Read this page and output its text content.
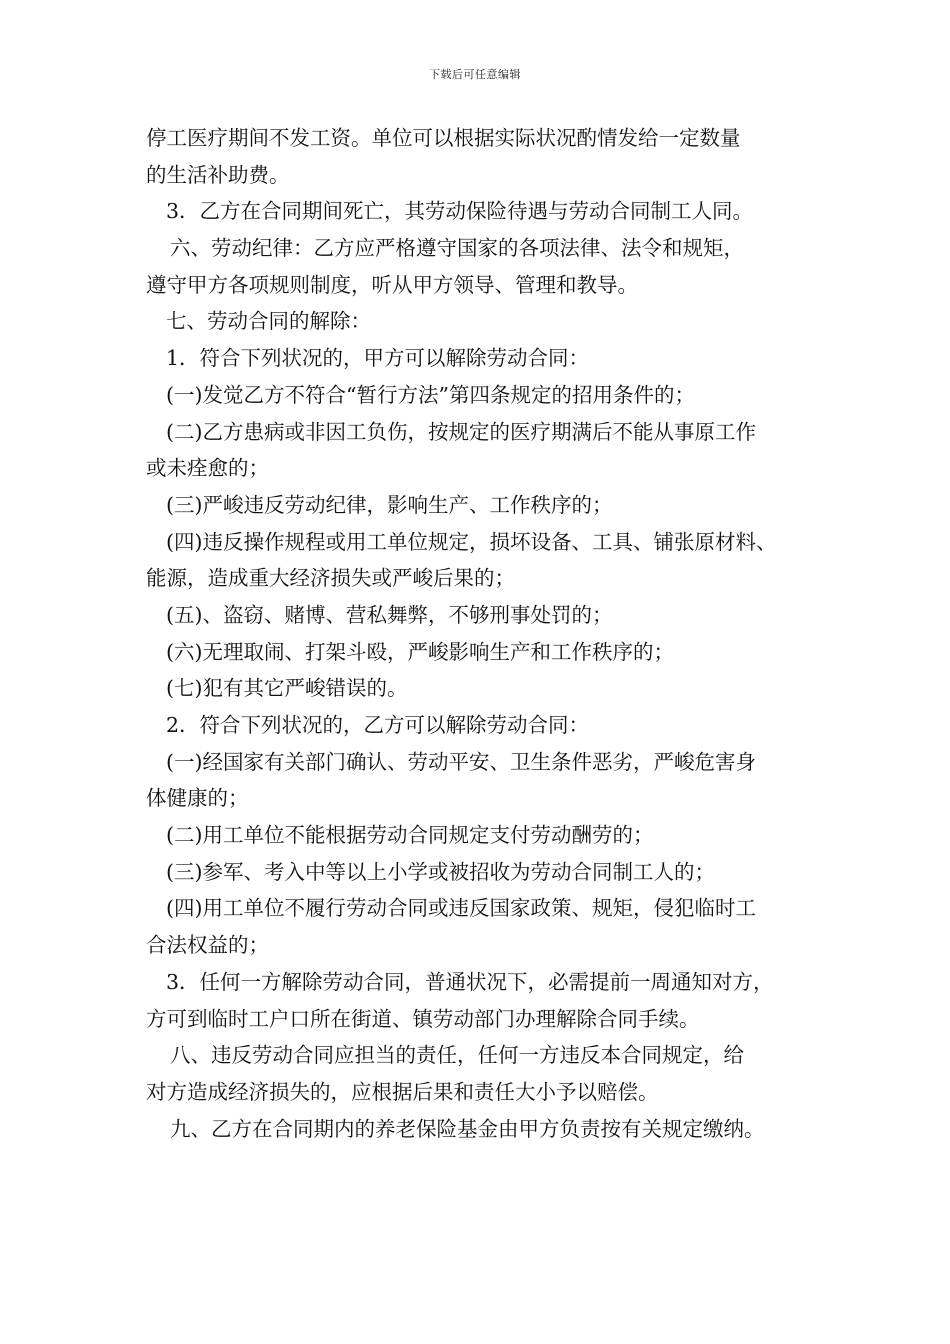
下载后可任意编辑

停工医疗期间不发工资。单位可以根据实际状况酌情发给一定数量

的生活补助费。

3．乙方在合同期间死亡，其劳动保险待遇与劳动合同制工人同。

六、劳动纪律：乙方应严格遵守国家的各项法律、法令和规矩，

遵守甲方各项规则制度，听从甲方领导、管理和教导。

七、劳动合同的解除：

1．符合下列状况的，甲方可以解除劳动合同：

(一)发觉乙方不符合“暂行方法”第四条规定的招用条件的；

(二)乙方患病或非因工负伤，按规定的医疗期满后不能从事原工作

或未痊愈的；

(三)严峻违反劳动纪律，影响生产、工作秩序的；

(四)违反操作规程或用工单位规定，损坏设备、工具、铺张原材料、

能源，造成重大经济损失或严峻后果的；

(五)、盗窃、赌博、营私舞弊，不够刑事处罚的；

(六)无理取闹、打架斗殴，严峻影响生产和工作秩序的；

(七)犯有其它严峻错误的。

2．符合下列状况的，乙方可以解除劳动合同：

(一)经国家有关部门确认、劳动平安、卫生条件恶劣，严峻危害身

体健康的；

(二)用工单位不能根据劳动合同规定支付劳动酬劳的；

(三)参军、考入中等以上小学或被招收为劳动合同制工人的；

(四)用工单位不履行劳动合同或违反国家政策、规矩，侵犯临时工

合法权益的；

3．任何一方解除劳动合同，普通状况下，必需提前一周通知对方，

方可到临时工户口所在街道、镇劳动部门办理解除合同手续。

八、违反劳动合同应担当的责任，任何一方违反本合同规定，给

对方造成经济损失的，应根据后果和责任大小予以赔偿。

九、乙方在合同期内的养老保险基金由甲方负责按有关规定缴纳。
